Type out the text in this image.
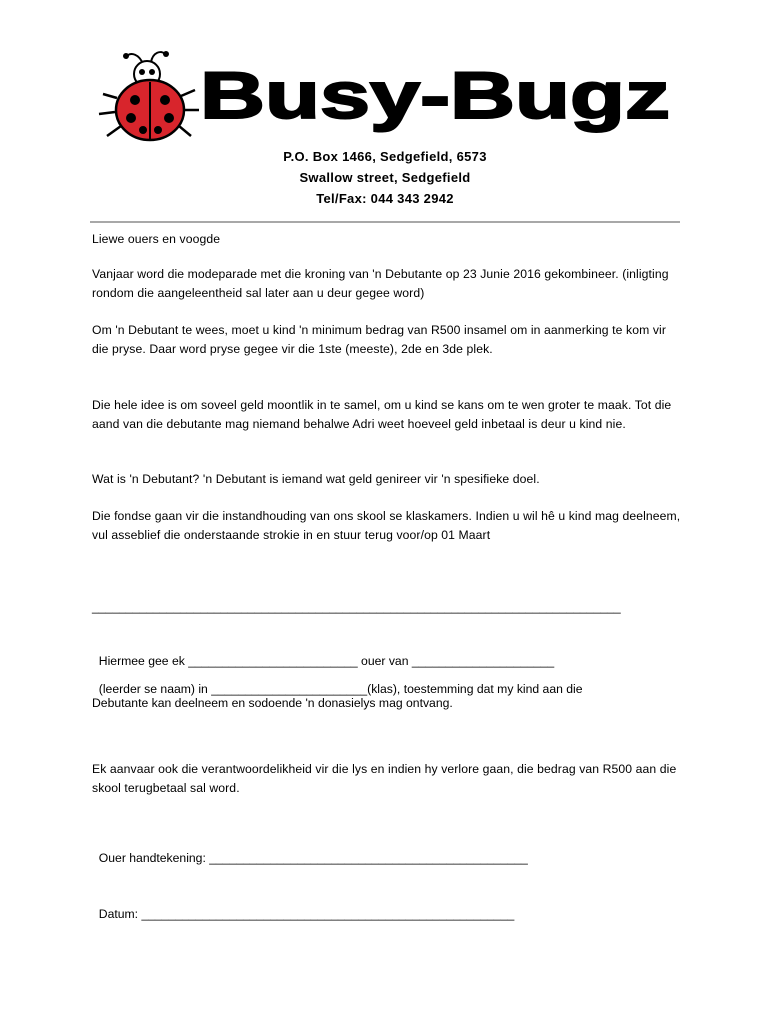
Busy-Bugz
P.O. Box 1466, Sedgefield, 6573
Swallow street, Sedgefield
Tel/Fax: 044 343 2942
Liewe ouers en voogde
Vanjaar word die modeparade met die kroning van 'n Debutante op 23 Junie 2016 gekombineer. (inligting rondom die aangeleentheid sal later aan u deur gegee word)
Om 'n Debutant te wees, moet u kind 'n minimum bedrag van R500 insamel om in aanmerking te kom vir die pryse. Daar word pryse gegee vir die 1ste (meeste), 2de en 3de plek.
Die hele idee is om soveel geld moontlik in te samel, om u kind se kans om te wen groter te maak. Tot die aand van die debutante mag niemand behalwe Adri weet hoeveel geld inbetaal is deur u kind nie.
Wat is 'n Debutant? 'n Debutant is iemand wat geld genireer vir 'n spesifieke doel.
Die fondse gaan vir die instandhouding van ons skool se klaskamers. Indien u wil hê u kind mag deelneem, vul asseblief die onderstaande strokie in en stuur terug voor/op 01 Maart
______________________________________________________________________________

Hiermee gee ek _________________________ ouer van _____________________

(leerder se naam) in _______________________(klas), toestemming dat my kind aan die

Debutante kan deelneem en sodoende 'n donasielys mag ontvang.
Ek aanvaar ook die verantwoordelikheid vir die lys en indien hy verlore gaan, die bedrag van R500 aan die skool terugbetaal sal word.

Ouer handtekening: _______________________________________________

Datum: _______________________________________________________
